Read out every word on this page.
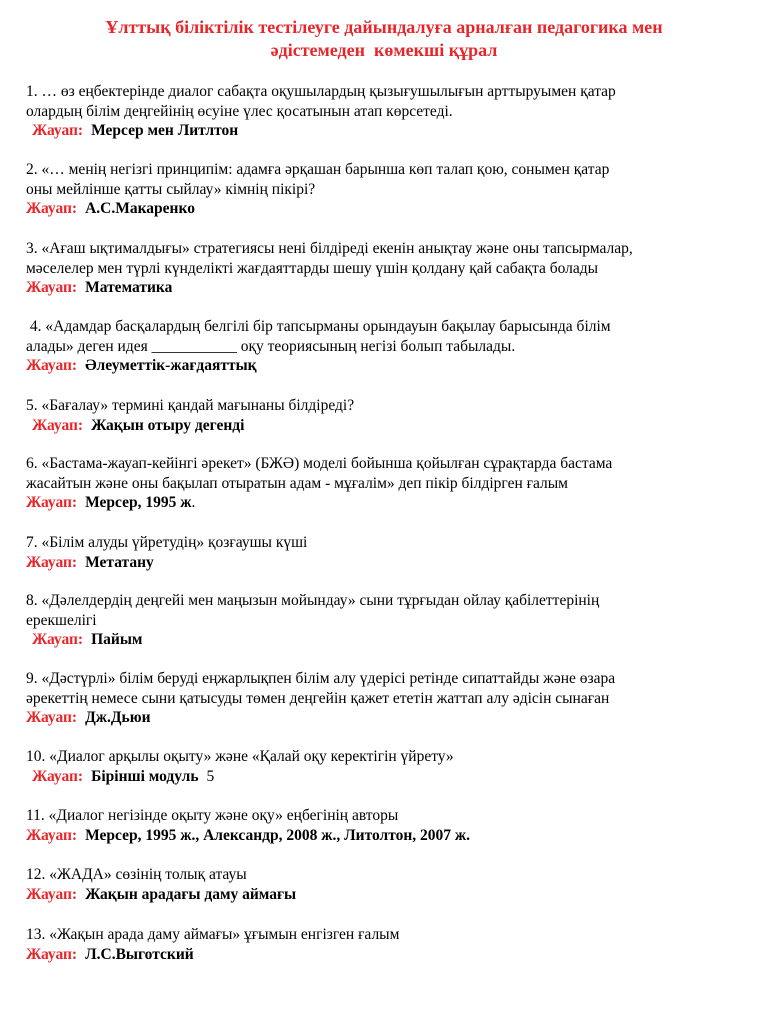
Ұлттық біліктілік тестілеуге дайындалуға арналған педагогика мен
әдістемеден  көмекші құрал
1. … өз еңбектерінде диалог сабақта оқушылардың қызығушылығын арттыруымен қатар
олардың білім деңгейінің өсуіне үлес қосатынын атап көрсетеді.
Жауап: Мерсер мен Литлтон
2. «… менің негізгі принципім: адамға әрқашан барынша көп талап қою, сонымен қатар
оны мейлінше қатты сыйлау» кімнің пікірі?
Жауап: А.С.Макаренко
3. «Ағаш ықтималдығы» стратегиясы нені білдіреді екенін анықтау және оны тапсырмалар,
мәселелер мен түрлі күнделікті жағдаяттарды шешу үшін қолдану қай сабақта болады
Жауап: Математика
4. «Адамдар басқалардың белгілі бір тапсырманы орындауын бақылау барысында білім
алады» деген идея ___________ оқу теориясының негізі болып табылады.
Жауап: Әлеуметтік-жағдаяттық
5. «Бағалау» термині қандай мағынаны білдіреді?
Жауап: Жақын отыру дегенді
6. «Бастама-жауап-кейінгі әрекет» (БЖӘ) моделі бойынша қойылған сұрақтарда бастама
жасайтын және оны бақылап отыратын адам - мұғалім» деп пікір білдірген ғалым
Жауап: Мерсер, 1995 ж.
7. «Білім алуды үйретудің» қозғаушы күші
Жауап: Метатану
8. «Дәлелдердің деңгейі мен маңызын мойындау» сыни тұрғыдан ойлау қабілеттерінің
ерекшелігі
Жауап: Пайым
9. «Дәстүрлі» білім беруді еңжарлықпен білім алу үдерісі ретінде сипаттайды және өзара
әрекеттің немесе сыни қатысуды төмен деңгейін қажет ететін жаттап алу әдісін сынаған
Жауап: Дж.Дьюи
10. «Диалог арқылы оқыту» және «Қалай оқу керектігін үйрету»
Жауап: Бірінші модуль 5
11. «Диалог негізінде оқыту және оқу» еңбегінің авторы
Жауап: Мерсер, 1995 ж., Александр, 2008 ж., Литолтон, 2007 ж.
12. «ЖАДА» сөзінің толық атауы
Жауап: Жақын арадағы даму аймағы
13. «Жақын арада даму аймағы» ұғымын енгізген ғалым
Жауап: Л.С.Выготский
